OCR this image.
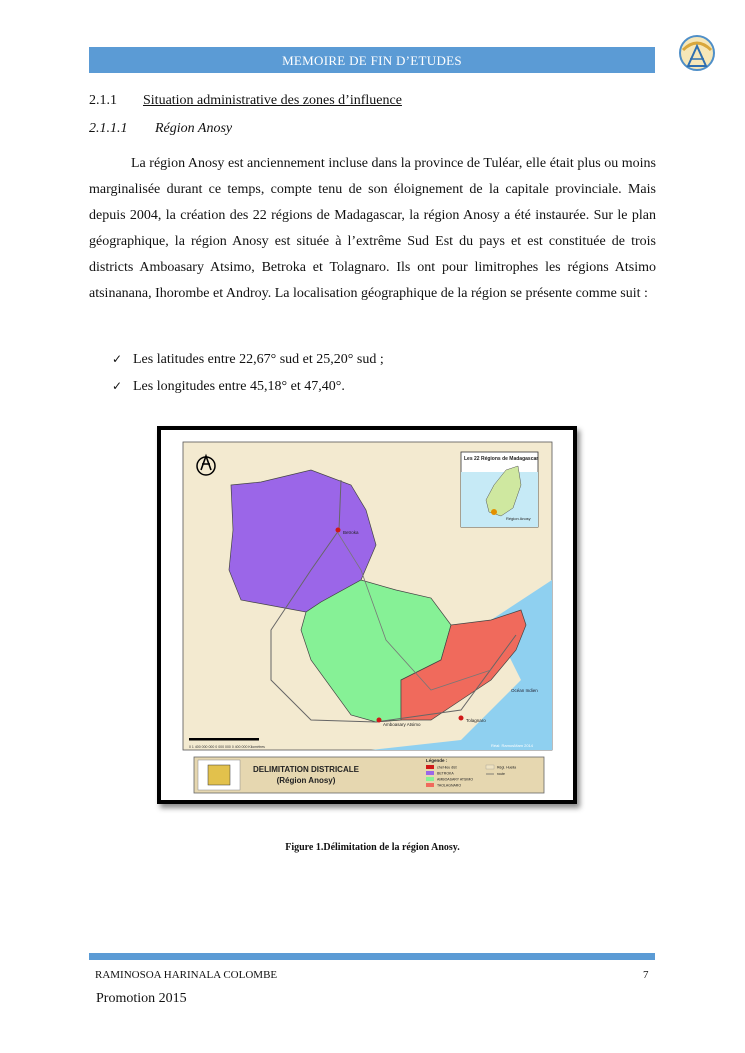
MEMOIRE DE FIN D’ETUDES
2.1.1 Situation administrative des zones d’influence
2.1.1.1 Région Anosy

La région Anosy est anciennement incluse dans la province de Tuléar, elle était plus ou moins marginalisée durant ce temps, compte tenu de son éloignement de la capitale provinciale. Mais depuis 2004, la création des 22 régions de Madagascar, la région Anosy a été instaurée. Sur le plan géographique, la région Anosy est située à l’extrême Sud Est du pays et est constituée de trois districts Amboasary Atsimo, Betroka et Tolagnaro. Ils ont pour limitrophes les régions Atsimo atsinanana, Ihorombe et Androy. La localisation géographique de la région se présente comme suit :

✓ Les latitudes entre 22,67° sud et 25,20° sud ;
✓ Les longitudes entre 45,18° et 47,40°.
Betroka
Amboasary Atsimo
Tolagnaro
Océan Indien
Les 22 Régions de Madagascar
Région Anosy
0 1 400 000 000 0 000 000 0 400 000 Kilomètres	Réal: RamosMam 2014
DELIMITATION DISTRICALE
(Région Anosy)
Légende :
chef-lieu dist
BETROKA
AMBOASARY ATSIMO
TAOLAGNARO
Régi. Huelia
route
Figure 1.Délimitation de la région Anosy.
RAMINOSOA HARINALA COLOMBE	7
Promotion 2015
